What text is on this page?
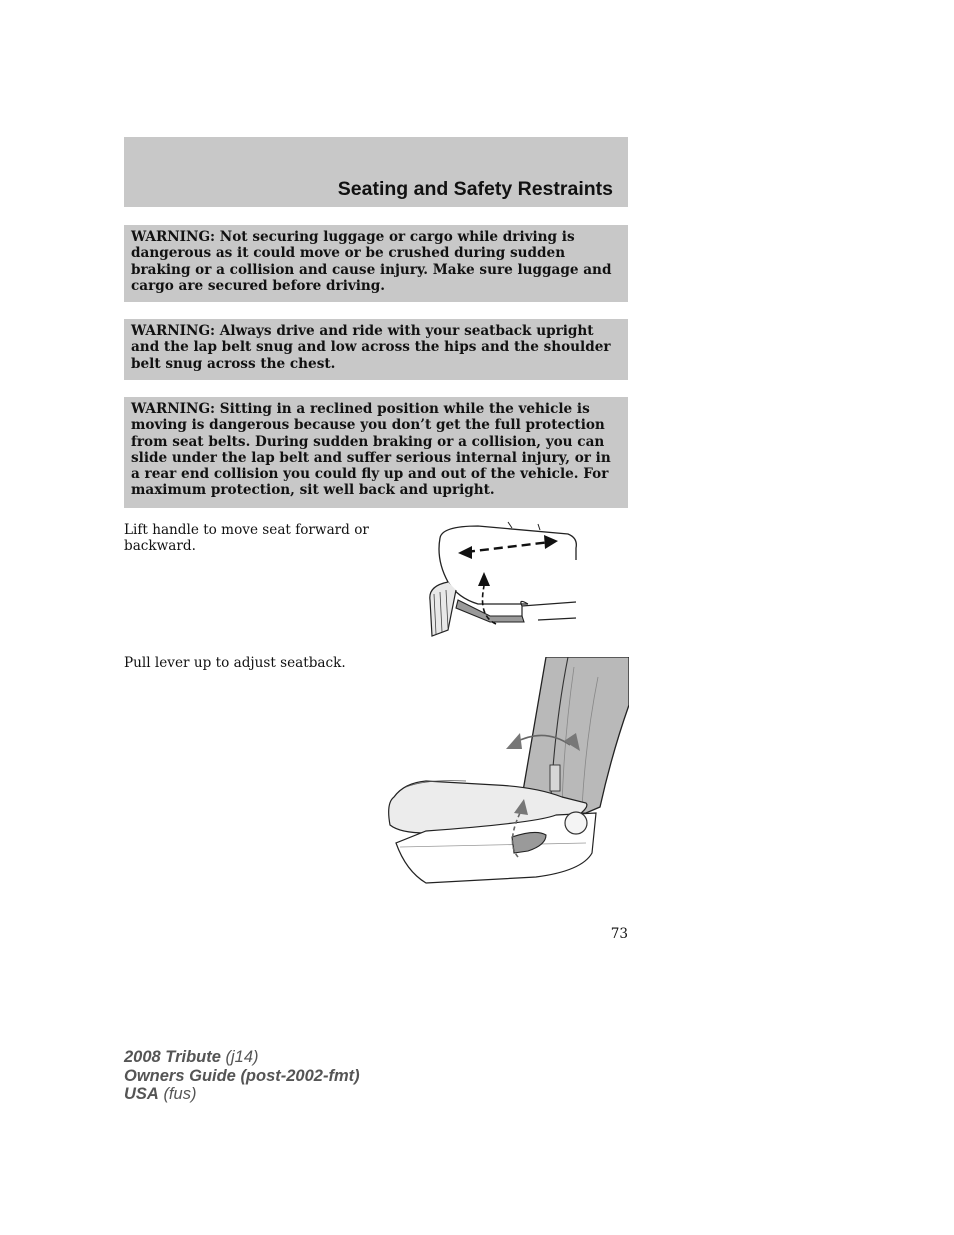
Seating and Safety Restraints

WARNING: Not securing luggage or cargo while driving is dangerous as it could move or be crushed during sudden braking or a collision and cause injury. Make sure luggage and cargo are secured before driving.

WARNING: Always drive and ride with your seatback upright and the lap belt snug and low across the hips and the shoulder belt snug across the chest.

WARNING: Sitting in a reclined position while the vehicle is moving is dangerous because you don’t get the full protection from seat belts. During sudden braking or a collision, you can slide under the lap belt and suffer serious internal injury, or in a rear end collision you could fly up and out of the vehicle. For maximum protection, sit well back and upright.

Lift handle to move seat forward or backward.

Pull lever up to adjust seatback.

73
2008 Tribute (j14)
Owners Guide (post-2002-fmt)
USA (fus)
